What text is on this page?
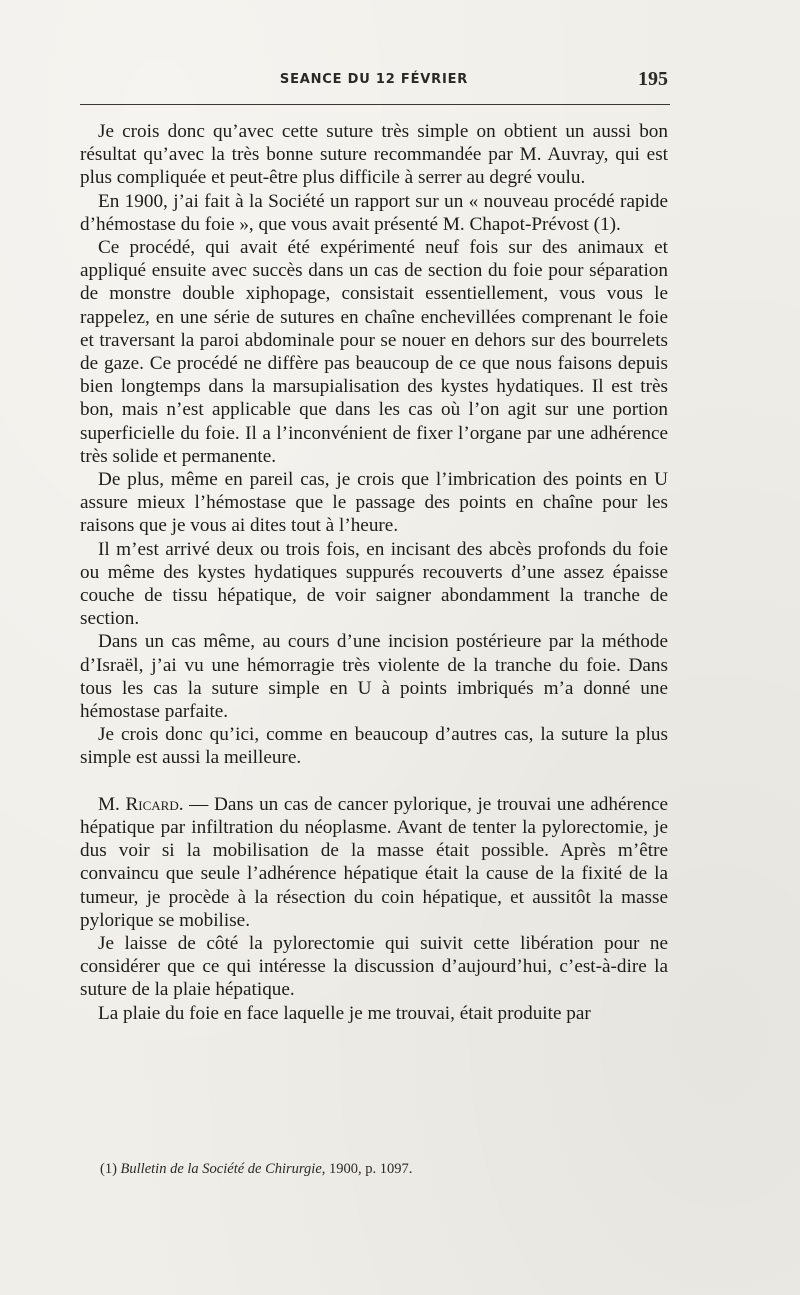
SEANCE DU 12 FÉVRIER	195

Je crois donc qu’avec cette suture très simple on obtient un aussi bon résultat qu’avec la très bonne suture recommandée par M. Auvray, qui est plus compliquée et peut-être plus difficile à serrer au degré voulu.

En 1900, j’ai fait à la Société un rapport sur un « nouveau procédé rapide d’hémostase du foie », que vous avait présenté M. Chapot-Prévost (1).

Ce procédé, qui avait été expérimenté neuf fois sur des animaux et appliqué ensuite avec succès dans un cas de section du foie pour séparation de monstre double xiphopage, consistait essentiellement, vous vous le rappelez, en une série de sutures en chaîne enchevillées comprenant le foie et traversant la paroi abdominale pour se nouer en dehors sur des bourrelets de gaze. Ce procédé ne diffère pas beaucoup de ce que nous faisons depuis bien longtemps dans la marsupialisation des kystes hydatiques. Il est très bon, mais n’est applicable que dans les cas où l’on agit sur une portion superficielle du foie. Il a l’inconvénient de fixer l’organe par une adhérence très solide et permanente.

De plus, même en pareil cas, je crois que l’imbrication des points en U assure mieux l’hémostase que le passage des points en chaîne pour les raisons que je vous ai dites tout à l’heure.

Il m’est arrivé deux ou trois fois, en incisant des abcès profonds du foie ou même des kystes hydatiques suppurés recouverts d’une assez épaisse couche de tissu hépatique, de voir saigner abondamment la tranche de section.

Dans un cas même, au cours d’une incision postérieure par la méthode d’Israël, j’ai vu une hémorragie très violente de la tranche du foie. Dans tous les cas la suture simple en U à points imbriqués m’a donné une hémostase parfaite.

Je crois donc qu’ici, comme en beaucoup d’autres cas, la suture la plus simple est aussi la meilleure.

M. Ricard. — Dans un cas de cancer pylorique, je trouvai une adhérence hépatique par infiltration du néoplasme. Avant de tenter la pylorectomie, je dus voir si la mobilisation de la masse était possible. Après m’être convaincu que seule l’adhérence hépatique était la cause de la fixité de la tumeur, je procède à la résection du coin hépatique, et aussitôt la masse pylorique se mobilise.

Je laisse de côté la pylorectomie qui suivit cette libération pour ne considérer que ce qui intéresse la discussion d’aujourd’hui, c’est-à-dire la suture de la plaie hépatique.

La plaie du foie en face laquelle je me trouvai, était produite par

(1) Bulletin de la Société de Chirurgie, 1900, p. 1097.
